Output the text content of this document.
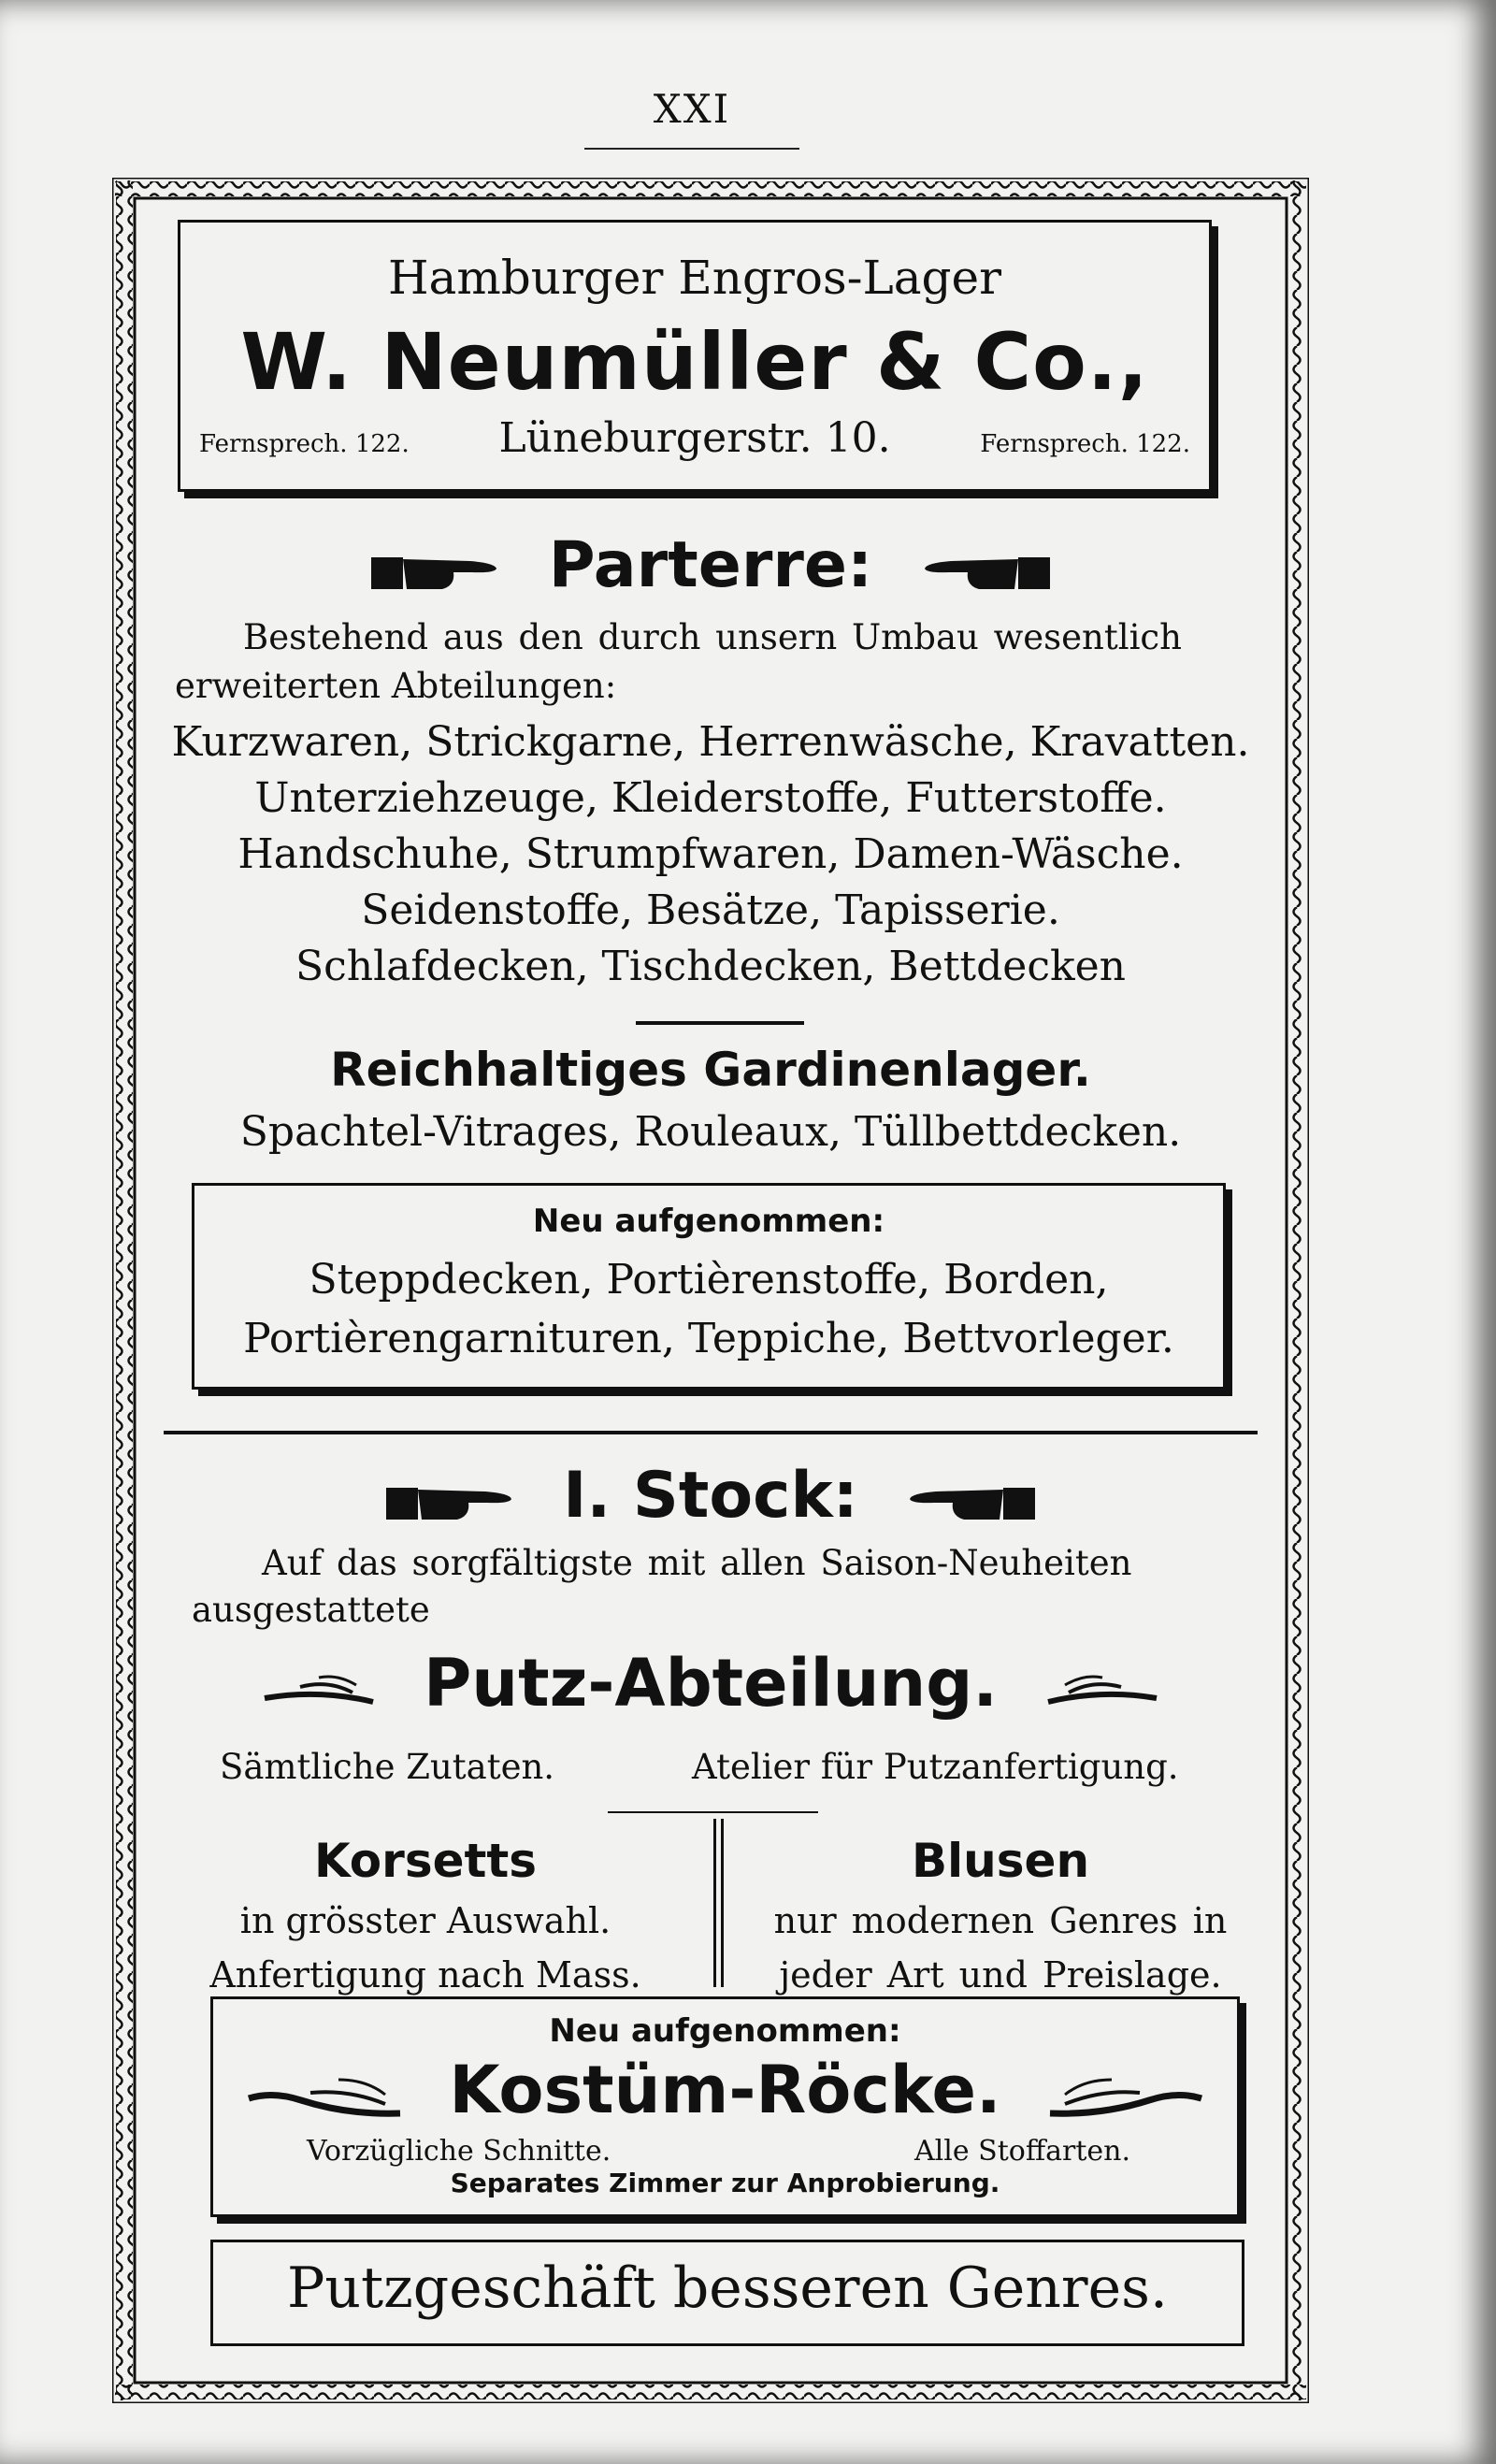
XXI
Hamburger Engros-Lager
W. Neumüller & Co.,
Fernsprech. 122.	Lüneburgerstr. 10.	Fernsprech. 122.
Parterre:
Bestehend aus den durch unsern Umbau wesentlich
erweiterten Abteilungen:
Kurzwaren, Strickgarne, Herrenwäsche, Kravatten.
Unterziehzeuge, Kleiderstoffe, Futterstoffe.
Handschuhe, Strumpfwaren, Damen-Wäsche.
Seidenstoffe, Besätze, Tapisserie.
Schlafdecken, Tischdecken, Bettdecken
Reichhaltiges Gardinenlager.
Spachtel-Vitrages, Rouleaux, Tüllbettdecken.
Neu aufgenommen:
Steppdecken, Portièrenstoffe, Borden,
Portièrengarnituren, Teppiche, Bettvorleger.
I. Stock:
Auf das sorgfältigste mit allen Saison-Neuheiten
ausgestattete
Putz-Abteilung.
Sämtliche Zutaten.	Atelier für Putzanfertigung.
Korsetts
in grösster Auswahl.
Anfertigung nach Mass.
Blusen
nur modernen Genres in
jeder Art und Preislage.
Neu aufgenommen:
Kostüm-Röcke.
Vorzügliche Schnitte.	Alle Stoffarten.
Separates Zimmer zur Anprobierung.
Putzgeschäft besseren Genres.
